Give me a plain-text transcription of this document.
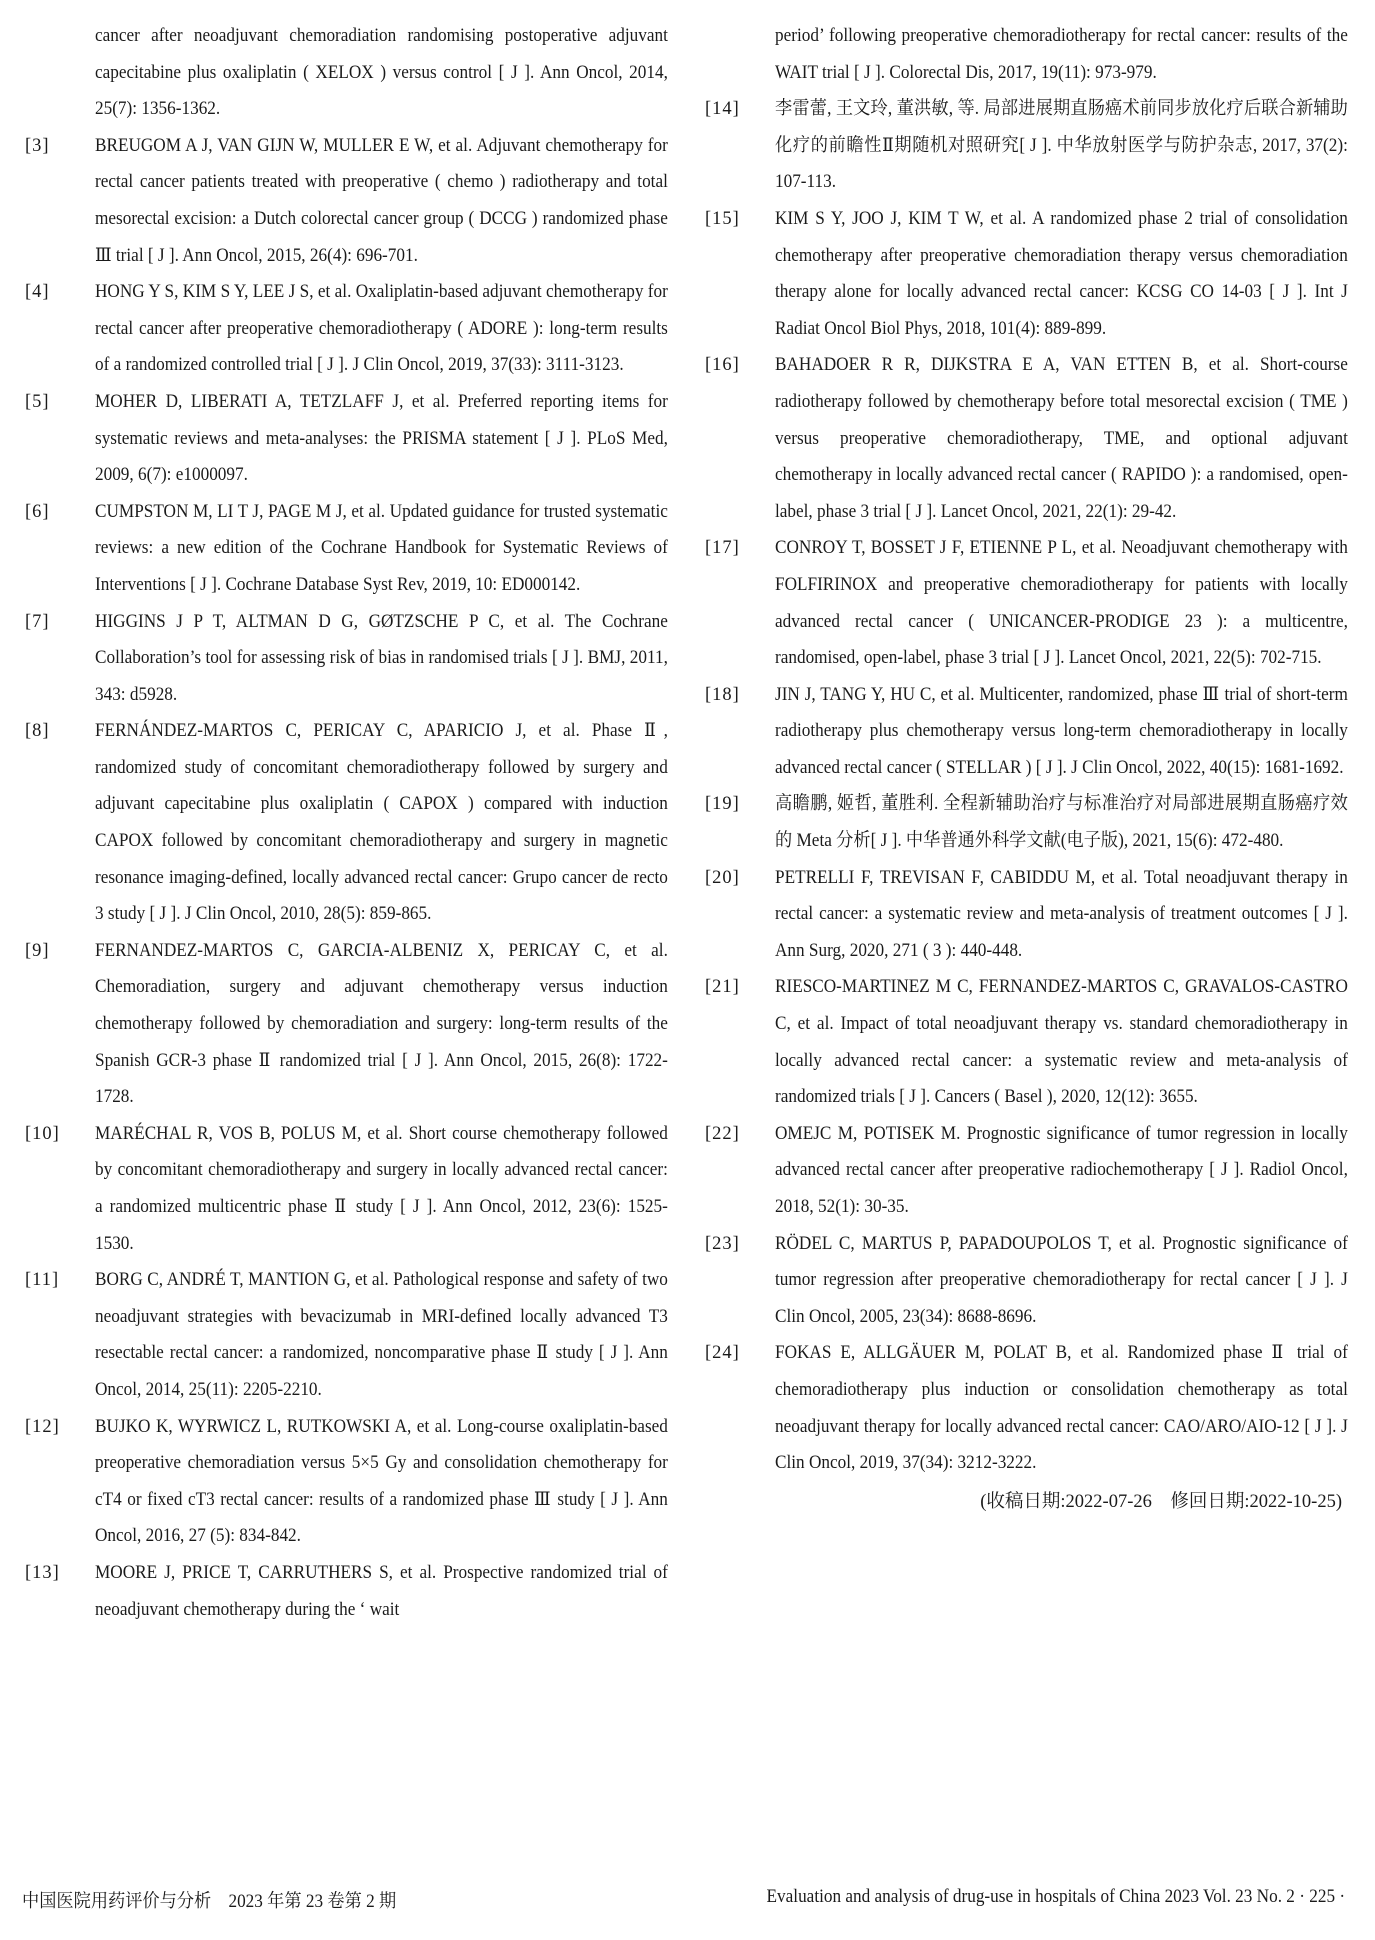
cancer after neoadjuvant chemoradiation randomising postoperative adjuvant capecitabine plus oxaliplatin ( XELOX ) versus control [ J ]. Ann Oncol, 2014, 25(7): 1356-1362.
[3]	BREUGOM A J, VAN GIJN W, MULLER E W, et al. Adjuvant chemotherapy for rectal cancer patients treated with preoperative ( chemo ) radiotherapy and total mesorectal excision: a Dutch colorectal cancer group ( DCCG ) randomized phase Ⅲ trial [ J ]. Ann Oncol, 2015, 26(4): 696-701.
[4]	HONG Y S, KIM S Y, LEE J S, et al. Oxaliplatin-based adjuvant chemotherapy for rectal cancer after preoperative chemoradiotherapy ( ADORE ): long-term results of a randomized controlled trial [ J ]. J Clin Oncol, 2019, 37(33): 3111-3123.
[5]	MOHER D, LIBERATI A, TETZLAFF J, et al. Preferred reporting items for systematic reviews and meta-analyses: the PRISMA statement [ J ]. PLoS Med, 2009, 6(7): e1000097.
[6]	CUMPSTON M, LI T J, PAGE M J, et al. Updated guidance for trusted systematic reviews: a new edition of the Cochrane Handbook for Systematic Reviews of Interventions [ J ]. Cochrane Database Syst Rev, 2019, 10: ED000142.
[7]	HIGGINS J P T, ALTMAN D G, GØTZSCHE P C, et al. The Cochrane Collaboration’s tool for assessing risk of bias in randomised trials [ J ]. BMJ, 2011, 343: d5928.
[8]	FERNÁNDEZ-MARTOS C, PERICAY C, APARICIO J, et al. Phase Ⅱ, randomized study of concomitant chemoradiotherapy followed by surgery and adjuvant capecitabine plus oxaliplatin ( CAPOX ) compared with induction CAPOX followed by concomitant chemoradiotherapy and surgery in magnetic resonance imaging-defined, locally advanced rectal cancer: Grupo cancer de recto 3 study [ J ]. J Clin Oncol, 2010, 28(5): 859-865.
[9]	FERNANDEZ-MARTOS C, GARCIA-ALBENIZ X, PERICAY C, et al. Chemoradiation, surgery and adjuvant chemotherapy versus induction chemotherapy followed by chemoradiation and surgery: long-term results of the Spanish GCR-3 phase Ⅱ randomized trial [ J ]. Ann Oncol, 2015, 26(8): 1722-1728.
[10]	MARÉCHAL R, VOS B, POLUS M, et al. Short course chemotherapy followed by concomitant chemoradiotherapy and surgery in locally advanced rectal cancer: a randomized multicentric phase Ⅱ study [ J ]. Ann Oncol, 2012, 23(6): 1525-1530.
[11]	BORG C, ANDRÉ T, MANTION G, et al. Pathological response and safety of two neoadjuvant strategies with bevacizumab in MRI-defined locally advanced T3 resectable rectal cancer: a randomized, noncomparative phase Ⅱ study [ J ]. Ann Oncol, 2014, 25(11): 2205-2210.
[12]	BUJKO K, WYRWICZ L, RUTKOWSKI A, et al. Long-course oxaliplatin-based preoperative chemoradiation versus 5×5 Gy and consolidation chemotherapy for cT4 or fixed cT3 rectal cancer: results of a randomized phase Ⅲ study [ J ]. Ann Oncol, 2016, 27 (5): 834-842.
[13]	MOORE J, PRICE T, CARRUTHERS S, et al. Prospective randomized trial of neoadjuvant chemotherapy during the ‘ wait
period’ following preoperative chemoradiotherapy for rectal cancer: results of the WAIT trial [ J ]. Colorectal Dis, 2017, 19(11): 973-979.
[14]	李雷蕾, 王文玲, 董洪敏, 等. 局部进展期直肠癌术前同步放化疗后联合新辅助化疗的前瞻性Ⅱ期随机对照研究[ J ]. 中华放射医学与防护杂志, 2017, 37(2): 107-113.
[15]	KIM S Y, JOO J, KIM T W, et al. A randomized phase 2 trial of consolidation chemotherapy after preoperative chemoradiation therapy versus chemoradiation therapy alone for locally advanced rectal cancer: KCSG CO 14-03 [ J ]. Int J Radiat Oncol Biol Phys, 2018, 101(4): 889-899.
[16]	BAHADOER R R, DIJKSTRA E A, VAN ETTEN B, et al. Short-course radiotherapy followed by chemotherapy before total mesorectal excision ( TME ) versus preoperative chemoradiotherapy, TME, and optional adjuvant chemotherapy in locally advanced rectal cancer ( RAPIDO ): a randomised, open-label, phase 3 trial [ J ]. Lancet Oncol, 2021, 22(1): 29-42.
[17]	CONROY T, BOSSET J F, ETIENNE P L, et al. Neoadjuvant chemotherapy with FOLFIRINOX and preoperative chemoradiotherapy for patients with locally advanced rectal cancer ( UNICANCER-PRODIGE 23 ): a multicentre, randomised, open-label, phase 3 trial [ J ]. Lancet Oncol, 2021, 22(5): 702-715.
[18]	JIN J, TANG Y, HU C, et al. Multicenter, randomized, phase Ⅲ trial of short-term radiotherapy plus chemotherapy versus long-term chemoradiotherapy in locally advanced rectal cancer ( STELLAR ) [ J ]. J Clin Oncol, 2022, 40(15): 1681-1692.
[19]	高瞻鹏, 姬哲, 董胜利. 全程新辅助治疗与标准治疗对局部进展期直肠癌疗效的 Meta 分析[ J ]. 中华普通外科学文献(电子版), 2021, 15(6): 472-480.
[20]	PETRELLI F, TREVISAN F, CABIDDU M, et al. Total neoadjuvant therapy in rectal cancer: a systematic review and meta-analysis of treatment outcomes [ J ]. Ann Surg, 2020, 271 ( 3 ): 440-448.
[21]	RIESCO-MARTINEZ M C, FERNANDEZ-MARTOS C, GRAVALOS-CASTRO C, et al. Impact of total neoadjuvant therapy vs. standard chemoradiotherapy in locally advanced rectal cancer: a systematic review and meta-analysis of randomized trials [ J ]. Cancers ( Basel ), 2020, 12(12): 3655.
[22]	OMEJC M, POTISEK M. Prognostic significance of tumor regression in locally advanced rectal cancer after preoperative radiochemotherapy [ J ]. Radiol Oncol, 2018, 52(1): 30-35.
[23]	RÖDEL C, MARTUS P, PAPADOUPOLOS T, et al. Prognostic significance of tumor regression after preoperative chemoradiotherapy for rectal cancer [ J ]. J Clin Oncol, 2005, 23(34): 8688-8696.
[24]	FOKAS E, ALLGÄUER M, POLAT B, et al. Randomized phase Ⅱ trial of chemoradiotherapy plus induction or consolidation chemotherapy as total neoadjuvant therapy for locally advanced rectal cancer: CAO/ARO/AIO-12 [ J ]. J Clin Oncol, 2019, 37(34): 3212-3222.
(收稿日期:2022-07-26　修回日期:2022-10-25)
中国医院用药评价与分析　2023 年第 23 卷第 2 期	Evaluation and analysis of drug-use in hospitals of China 2023 Vol. 23 No. 2 · 225 ·
